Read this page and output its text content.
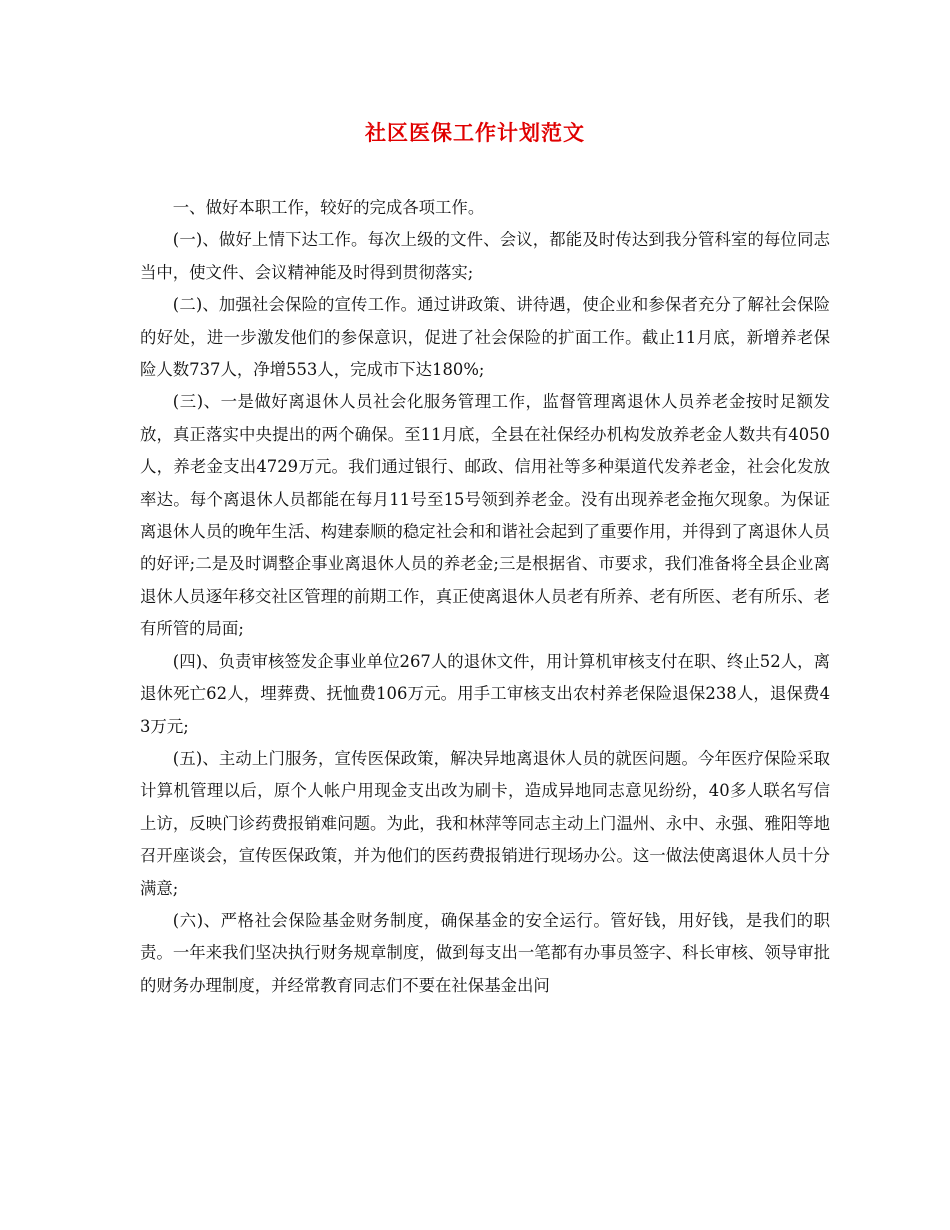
社区医保工作计划范文

一、做好本职工作，较好的完成各项工作。

(一)、做好上情下达工作。每次上级的文件、会议，都能及时传达到我分管科室的每位同志当中，使文件、会议精神能及时得到贯彻落实;

(二)、加强社会保险的宣传工作。通过讲政策、讲待遇，使企业和参保者充分了解社会保险的好处，进一步激发他们的参保意识，促进了社会保险的扩面工作。截止11月底，新增养老保险人数737人，净增553人，完成市下达180%;

(三)、一是做好离退休人员社会化服务管理工作，监督管理离退休人员养老金按时足额发放，真正落实中央提出的两个确保。至11月底，全县在社保经办机构发放养老金人数共有4050人，养老金支出4729万元。我们通过银行、邮政、信用社等多种渠道代发养老金，社会化发放率达。每个离退休人员都能在每月11号至15号领到养老金。没有出现养老金拖欠现象。为保证离退休人员的晚年生活、构建泰顺的稳定社会和和谐社会起到了重要作用，并得到了离退休人员的好评;二是及时调整企事业离退休人员的养老金;三是根据省、市要求，我们准备将全县企业离退休人员逐年移交社区管理的前期工作，真正使离退休人员老有所养、老有所医、老有所乐、老有所管的局面;

(四)、负责审核签发企事业单位267人的退休文件，用计算机审核支付在职、终止52人，离退休死亡62人，埋葬费、抚恤费106万元。用手工审核支出农村养老保险退保238人，退保费43万元;

(五)、主动上门服务，宣传医保政策，解决异地离退休人员的就医问题。今年医疗保险采取计算机管理以后，原个人帐户用现金支出改为刷卡，造成异地同志意见纷纷，40多人联名写信上访，反映门诊药费报销难问题。为此，我和林萍等同志主动上门温州、永中、永强、雅阳等地召开座谈会，宣传医保政策，并为他们的医药费报销进行现场办公。这一做法使离退休人员十分满意;

(六)、严格社会保险基金财务制度，确保基金的安全运行。管好钱，用好钱，是我们的职责。一年来我们坚决执行财务规章制度，做到每支出一笔都有办事员签字、科长审核、领导审批的财务办理制度，并经常教育同志们不要在社保基金出问
